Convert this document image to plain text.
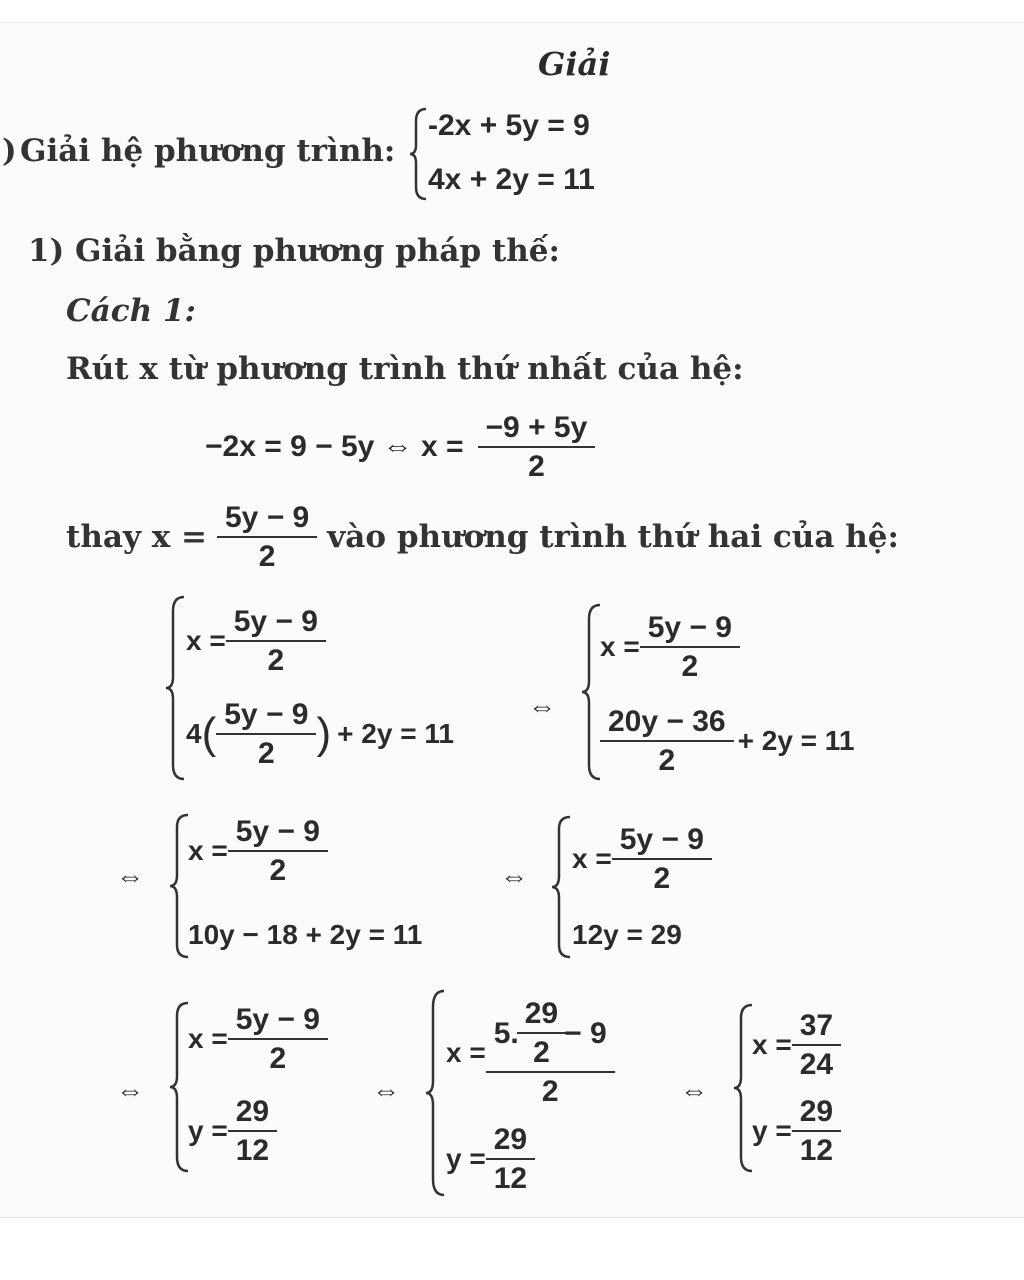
Giải
) Giải hệ phương trình:
-2x + 5y = 9
4x + 2y = 11
1) Giải bằng phương pháp thế:
Cách 1:
Rút x từ phương trình thứ nhất của hệ:
−2x = 9 − 5y ⇔ $x = \frac{-9 + 5y}{2}$
thay $x = \frac{5y - 9}{2}$ vào phương trình thứ hai của hệ:
$x = \frac{5y - 9}{2}$
4 ( $\frac{5y - 9}{2}$ ) + 2y = 11
⇔
$x = \frac{5y - 9}{2}$
$\frac{20y - 36}{2} + 2y = 11$
⇔
$x = \frac{5y - 9}{2}$
10y − 18 + 2y = 11
⇔
$x = \frac{5y - 9}{2}$
12y = 29
⇔
$x = \frac{5y - 9}{2}$
$y = \frac{29}{12}$
⇔
$x = \frac{5. \frac{29}{2} - 9}{2}$
$y = \frac{29}{12}$
⇔
$x = \frac{37}{24}$
$y = \frac{29}{12}$
